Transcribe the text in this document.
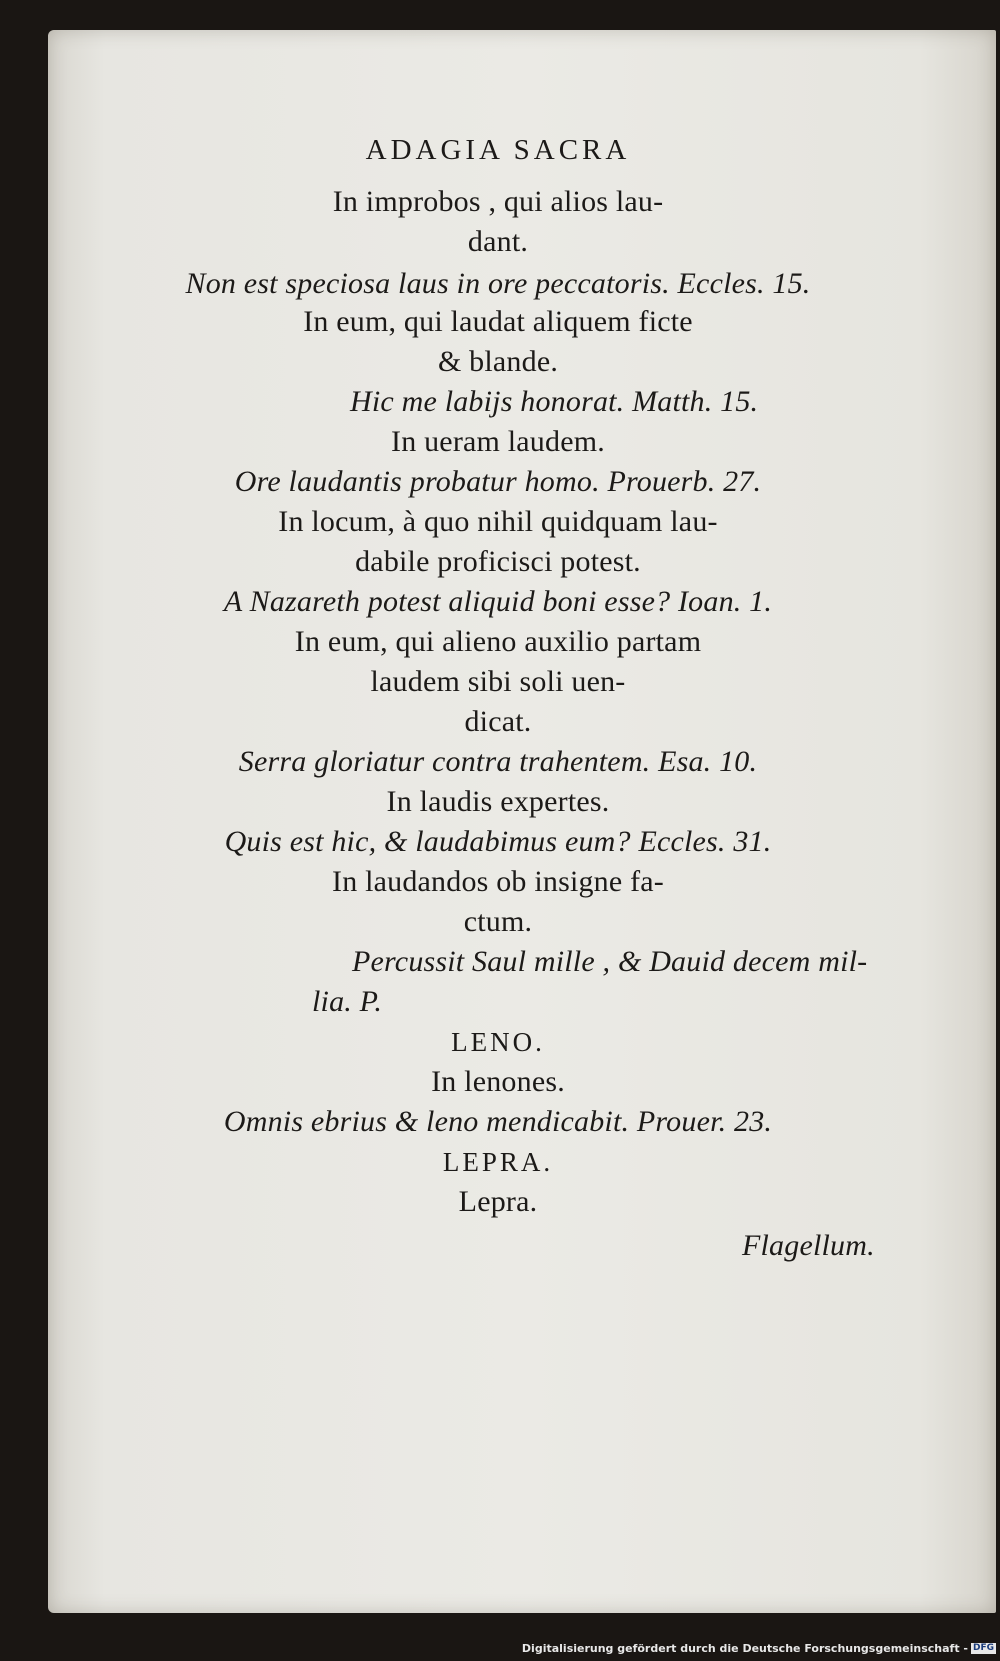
ADAGIA SACRA
In improbos , qui alios lau-
dant.
Non est speciosa laus in ore peccatoris. Eccles. 15.
In eum, qui laudat aliquem ficte
& blande.
Hic me labijs honorat. Matth. 15.
In ueram laudem.
Ore laudantis probatur homo. Prouerb. 27.
In locum, à quo nihil quidquam lau-
dabile proficisci potest.
A Nazareth potest aliquid boni esse? Ioan. 1.
In eum, qui alieno auxilio partam
laudem sibi soli uen-
dicat.
Serra gloriatur contra trahentem. Esa. 10.
In laudis expertes.
Quis est hic, & laudabimus eum? Eccles. 31.
In laudandos ob insigne fa-
ctum.
Percussit Saul mille , & Dauid decem mil-
lia. P.
LENO.
In lenones.
Omnis ebrius & leno mendicabit. Prouer. 23.
LEPRA.
Lepra.
Flagellum.
Digitalisierung gefördert durch die Deutsche Forschungsgemeinschaft - DFG
